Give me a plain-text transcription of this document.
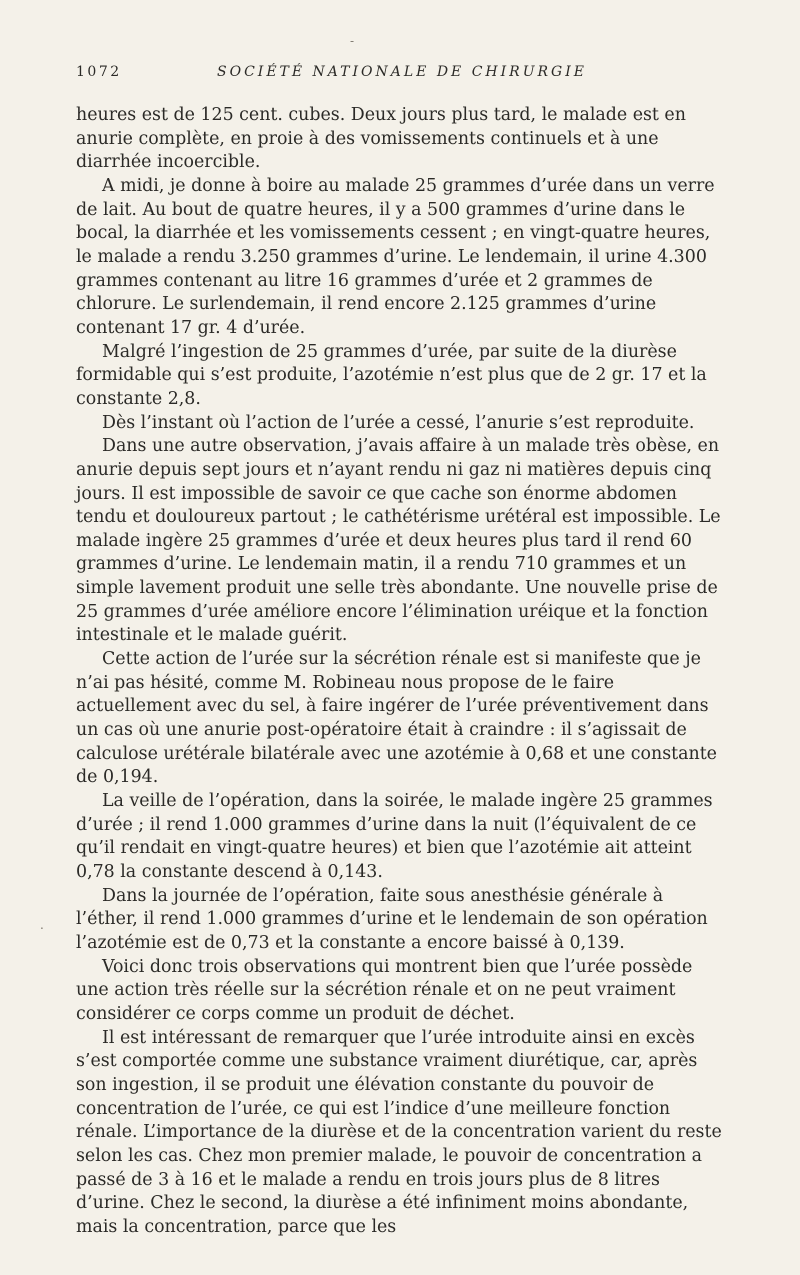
-
.
1072	SOCIÉTÉ NATIONALE DE CHIRURGIE

heures est de 125 cent. cubes. Deux jours plus tard, le malade est en anurie complète, en proie à des vomissements continuels et à une diarrhée incoercible.

A midi, je donne à boire au malade 25 grammes d’urée dans un verre de lait. Au bout de quatre heures, il y a 500 grammes d’urine dans le bocal, la diarrhée et les vomissements cessent ; en vingt-quatre heures, le malade a rendu 3.250 grammes d’urine. Le lendemain, il urine 4.300 grammes contenant au litre 16 grammes d’urée et 2 grammes de chlorure. Le surlendemain, il rend encore 2.125 grammes d’urine contenant 17 gr. 4 d’urée.

Malgré l’ingestion de 25 grammes d’urée, par suite de la diurèse formidable qui s’est produite, l’azotémie n’est plus que de 2 gr. 17 et la constante 2,8.

Dès l’instant où l’action de l’urée a cessé, l’anurie s’est reproduite.

Dans une autre observation, j’avais affaire à un malade très obèse, en anurie depuis sept jours et n’ayant rendu ni gaz ni matières depuis cinq jours. Il est impossible de savoir ce que cache son énorme abdomen tendu et douloureux partout ; le cathétérisme urétéral est impossible. Le malade ingère 25 grammes d’urée et deux heures plus tard il rend 60 grammes d’urine. Le lendemain matin, il a rendu 710 grammes et un simple lavement produit une selle très abondante. Une nouvelle prise de 25 grammes d’urée améliore encore l’élimination uréique et la fonction intestinale et le malade guérit.

Cette action de l’urée sur la sécrétion rénale est si manifeste que je n’ai pas hésité, comme M. Robineau nous propose de le faire actuellement avec du sel, à faire ingérer de l’urée préventivement dans un cas où une anurie post-opératoire était à craindre : il s’agissait de calculose urétérale bilatérale avec une azotémie à 0,68 et une constante de 0,194.

La veille de l’opération, dans la soirée, le malade ingère 25 grammes d’urée ; il rend 1.000 grammes d’urine dans la nuit (l’équivalent de ce qu’il rendait en vingt-quatre heures) et bien que l’azotémie ait atteint 0,78 la constante descend à 0,143.

Dans la journée de l’opération, faite sous anesthésie générale à l’éther, il rend 1.000 grammes d’urine et le lendemain de son opération l’azotémie est de 0,73 et la constante a encore baissé à 0,139.

Voici donc trois observations qui montrent bien que l’urée possède une action très réelle sur la sécrétion rénale et on ne peut vraiment considérer ce corps comme un produit de déchet.

Il est intéressant de remarquer que l’urée introduite ainsi en excès s’est comportée comme une substance vraiment diurétique, car, après son ingestion, il se produit une élévation constante du pouvoir de concentration de l’urée, ce qui est l’indice d’une meilleure fonction rénale. L’importance de la diurèse et de la concentration varient du reste selon les cas. Chez mon premier malade, le pouvoir de concentration a passé de 3 à 16 et le malade a rendu en trois jours plus de 8 litres d’urine. Chez le second, la diurèse a été infiniment moins abondante, mais la concentration, parce que les
